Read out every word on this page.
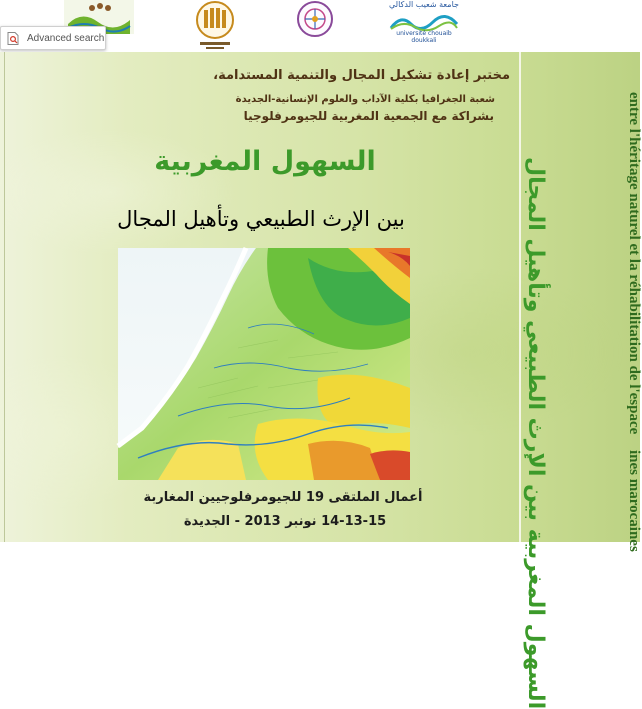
جامعة شعيب الدكالي
université chouaib doukkali
Advanced search
مختبر إعادة تشكيل المجال والتنمية المستدامة،
شعبة الجغرافيا بكلية الآداب والعلوم الإنسانية-الجديدة
بشراكة مع الجمعية المغربية للجيومرفلوجيا
السهول المغربية
بين الإرث الطبيعي وتأهيل المجال
أعمال الملتقى 19 للجيومرفلوجيين المغاربة
14-13-15 نونبر 2013 - الجديدة	السهول المغربية بين الإرث الطبيعي وتأهيل المجال	entre l'héritage naturel et la réhabilitation de l'espace
ines marocaines
